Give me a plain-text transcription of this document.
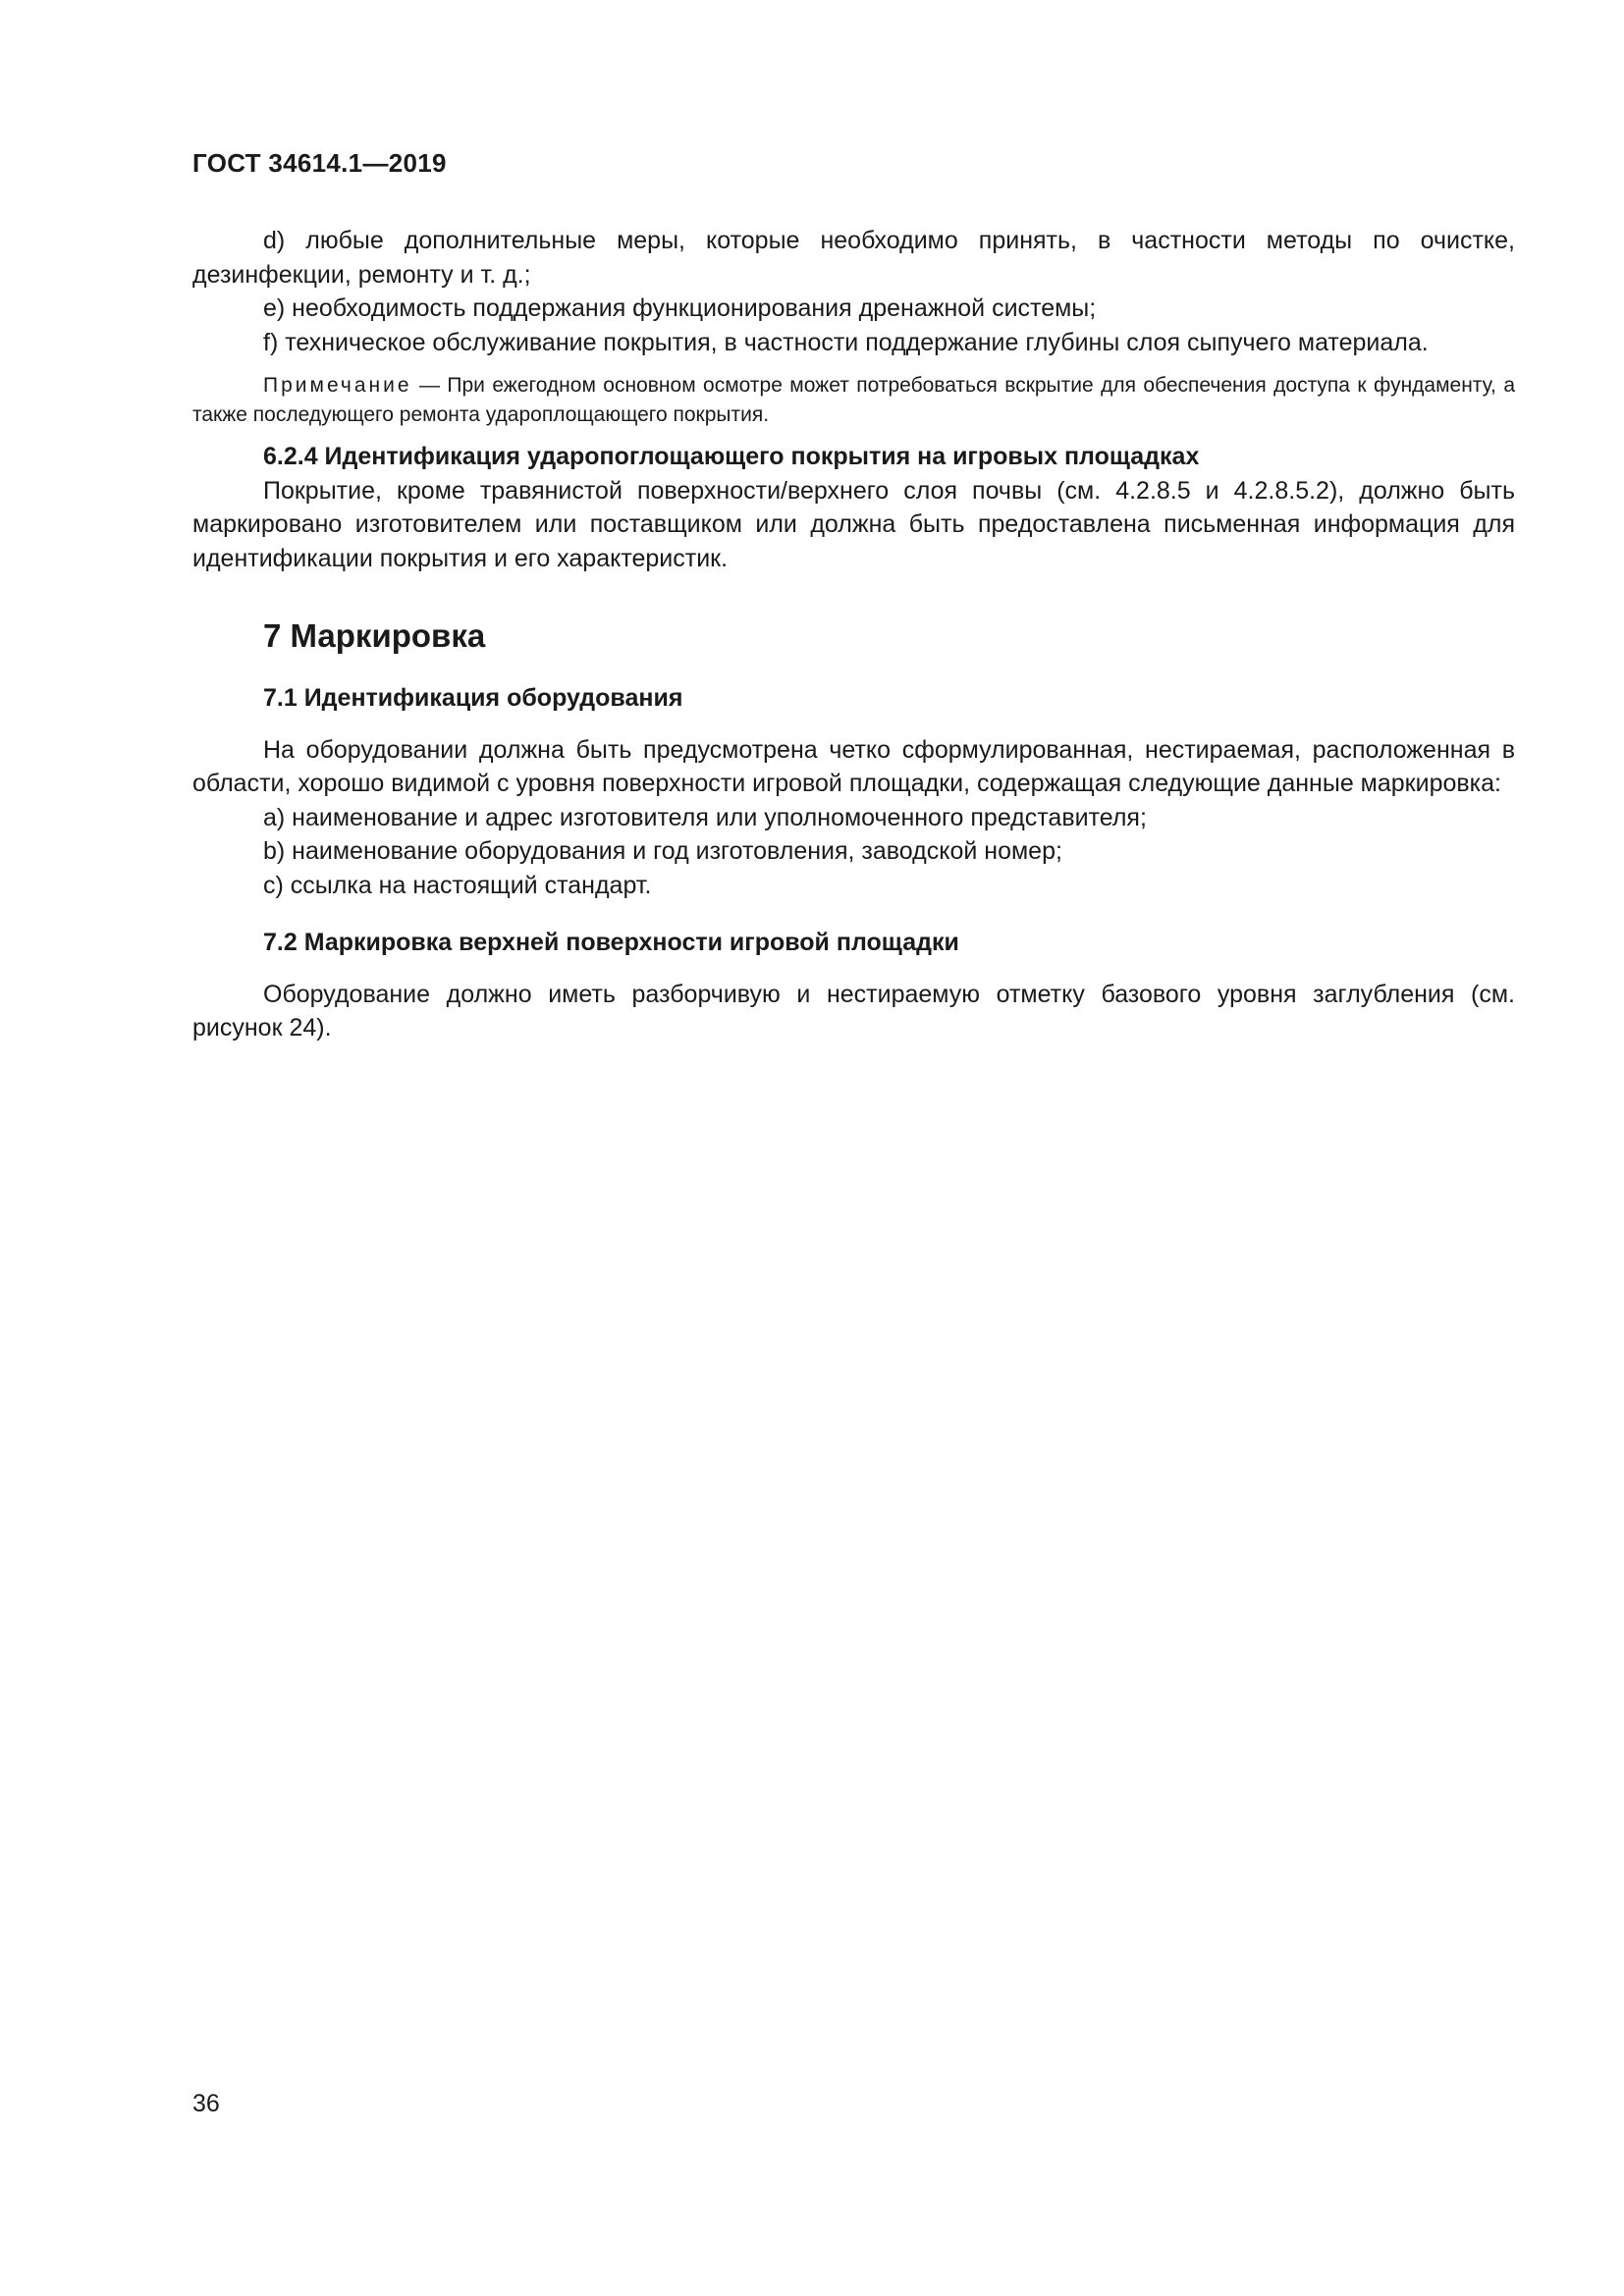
ГОСТ 34614.1—2019

d) любые дополнительные меры, которые необходимо принять, в частности методы по очистке, дезинфекции, ремонту и т. д.;

е) необходимость поддержания функционирования дренажной системы;

f) техническое обслуживание покрытия, в частности поддержание глубины слоя сыпучего материала.

Примечание — При ежегодном основном осмотре может потребоваться вскрытие для обеспечения доступа к фундаменту, а также последующего ремонта удароплощающего покрытия.

6.2.4 Идентификация ударопоглощающего покрытия на игровых площадках

Покрытие, кроме травянистой поверхности/верхнего слоя почвы (см. 4.2.8.5 и 4.2.8.5.2), должно быть маркировано изготовителем или поставщиком или должна быть предоставлена письменная информация для идентификации покрытия и его характеристик.

7 Маркировка
7.1 Идентификация оборудования

На оборудовании должна быть предусмотрена четко сформулированная, нестираемая, расположенная в области, хорошо видимой с уровня поверхности игровой площадки, содержащая следующие данные маркировка:

а) наименование и адрес изготовителя или уполномоченного представителя;

b) наименование оборудования и год изготовления, заводской номер;

с) ссылка на настоящий стандарт.

7.2 Маркировка верхней поверхности игровой площадки

Оборудование должно иметь разборчивую и нестираемую отметку базового уровня заглубления (см. рисунок 24).

36
